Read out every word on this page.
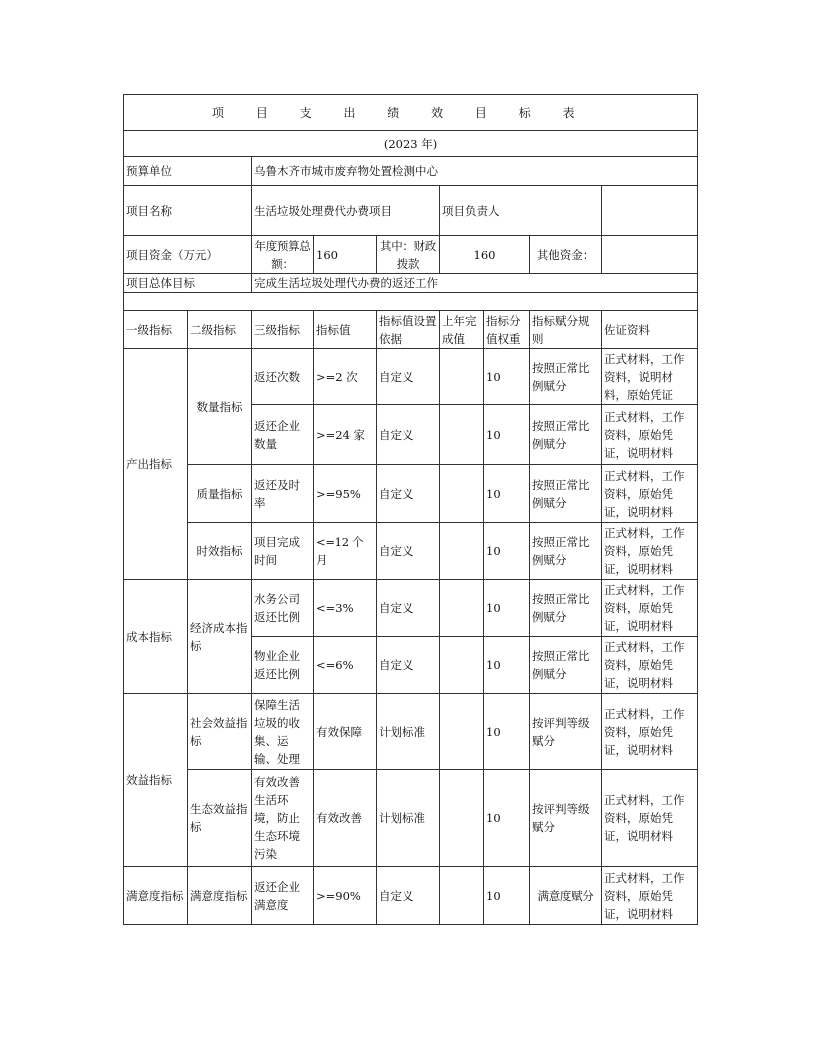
项 目 支 出 绩 效 目 标 表								
(2023 年)								
预算单位		乌鲁木齐市城市废弃物处置检测中心						
项目名称		生活垃圾处理费代办费项目			项目负责人			
项目资金（万元）		年度预算总额：	160	其中：财政拨款	160		其他资金：	
项目总体目标		完成生活垃圾处理代办费的返还工作						

一级指标	二级指标	三级指标	指标值	指标值设置依据	上年完成值	指标分值权重	指标赋分规则	佐证资料
产出指标	数量指标	返还次数	>=2 次	自定义		10	按照正常比例赋分	正式材料，工作资料，说明材料，原始凭证
		返还企业数量	>=24 家	自定义		10	按照正常比例赋分	正式材料，工作资料，原始凭证，说明材料
	质量指标	返还及时率	>=95%	自定义		10	按照正常比例赋分	正式材料，工作资料，原始凭证，说明材料
	时效指标	项目完成时间	<=12 个月	自定义		10	按照正常比例赋分	正式材料，工作资料，原始凭证，说明材料
成本指标	经济成本指标	水务公司返还比例	<=3%	自定义		10	按照正常比例赋分	正式材料，工作资料，原始凭证，说明材料
		物业企业返还比例	<=6%	自定义		10	按照正常比例赋分	正式材料，工作资料，原始凭证，说明材料
效益指标	社会效益指标	保障生活垃圾的收集、运输、处理	有效保障	计划标准		10	按评判等级赋分	正式材料，工作资料，原始凭证，说明材料
	生态效益指标	有效改善生活环境，防止生态环境污染	有效改善	计划标准		10	按评判等级赋分	正式材料，工作资料，原始凭证，说明材料
满意度指标	满意度指标	返还企业满意度	>=90%	自定义		10	满意度赋分	正式材料，工作资料，原始凭证，说明材料
